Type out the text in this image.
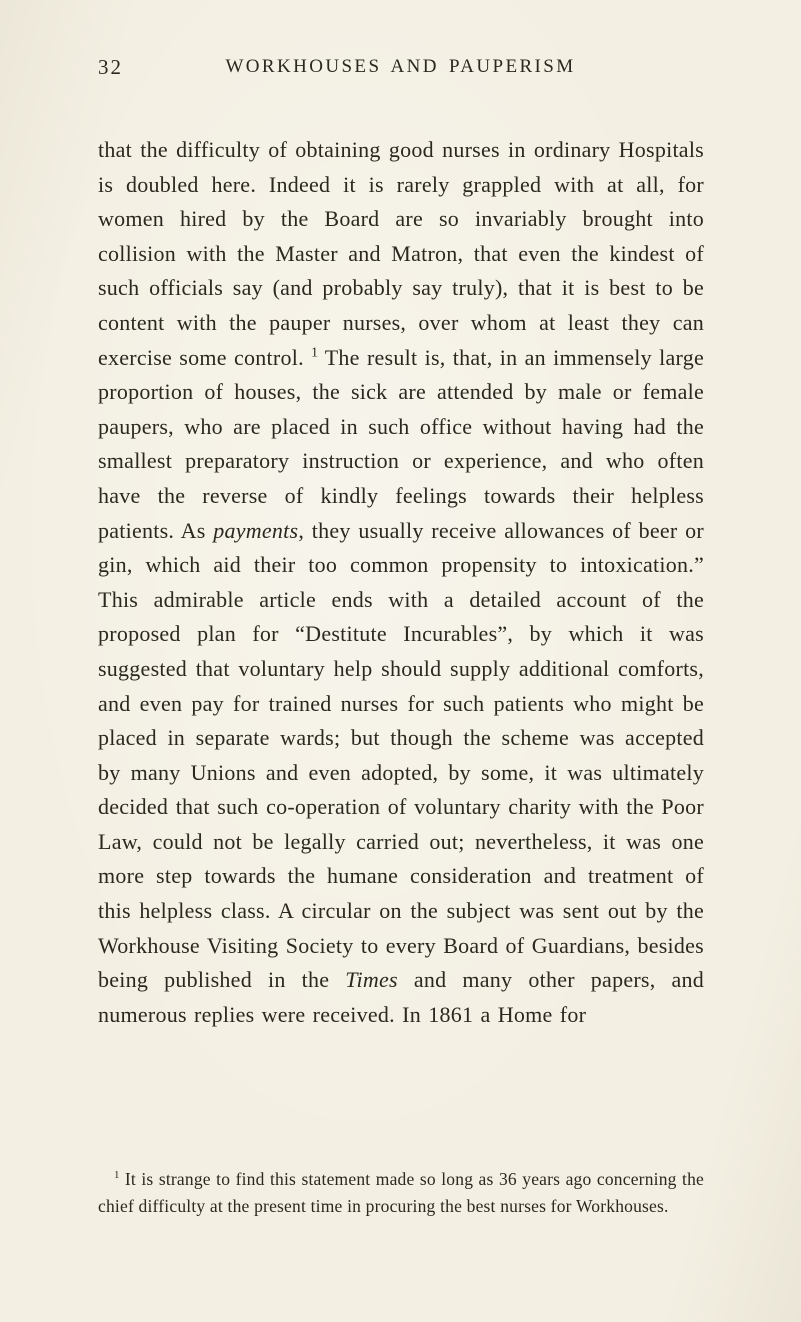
32	WORKHOUSES AND PAUPERISM

that the difficulty of obtaining good nurses in ordinary Hospitals is doubled here. Indeed it is rarely grappled with at all, for women hired by the Board are so invariably brought into collision with the Master and Matron, that even the kindest of such officials say (and probably say truly), that it is best to be content with the pauper nurses, over whom at least they can exercise some control. $^1$ The result is, that, in an immensely large proportion of houses, the sick are attended by male or female paupers, who are placed in such office without having had the smallest preparatory instruction or experience, and who often have the reverse of kindly feelings towards their helpless patients. As payments, they usually receive allowances of beer or gin, which aid their too common propensity to intoxication.” This admirable article ends with a detailed account of the proposed plan for “Destitute Incurables”, by which it was suggested that voluntary help should supply additional comforts, and even pay for trained nurses for such patients who might be placed in separate wards; but though the scheme was accepted by many Unions and even adopted, by some, it was ultimately decided that such co-operation of voluntary charity with the Poor Law, could not be legally carried out; nevertheless, it was one more step towards the humane consideration and treatment of this helpless class. A circular on the subject was sent out by the Workhouse Visiting Society to every Board of Guardians, besides being published in the Times and many other papers, and numerous replies were received. In 1861 a Home for

$^1$ It is strange to find this statement made so long as 36 years ago concerning the chief difficulty at the present time in procuring the best nurses for Workhouses.
